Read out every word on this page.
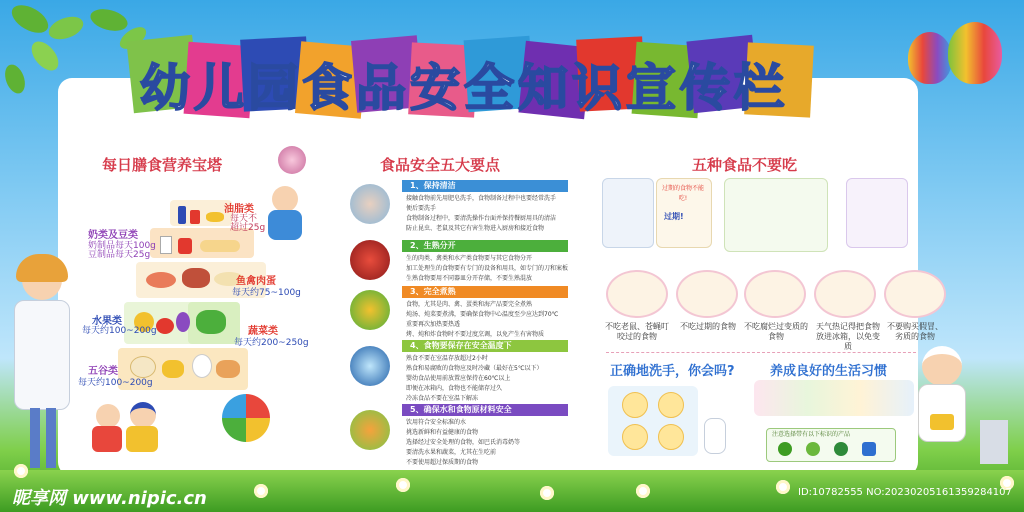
幼儿园食品安全知识宣传栏
每日膳食营养宝塔
油脂类
每天不
超过25g
奶类及豆类
奶制品每天100g
豆制品每天25g
鱼禽肉蛋
每天约75~100g
水果类
每天约100~200g	蔬菜类
每天约200~250g
五谷类
每天约100~200g
食品安全五大要点
1、保持清洁
接触食物前先用肥皂洗手，食物制备过程中也要经常洗手
便后要洗手
食物制备过程中，要清洗操作台面并保持餐厨用具的清洁
防止昆虫、老鼠及其它有害生物进入厨房和接近食物
2、生熟分开
生的肉类、禽类和水产类食物要与其它食物分开
加工处理生的食物要有专门的设备和用具，如专门的刀和案板
生熟食物要用不同器皿分开存储，不要生熟混放
3、完全煮熟
食物，尤其是肉、禽、蛋类和海产品要完全煮熟
炖汤、炖菜要煮沸，要确保食物中心温度至少应达到70℃
重要再次加热要热透
烤、炖和炸食物时不要过度烹调，以免产生有害物质
4、食物要保存在安全温度下
熟食不要在室温存放超过2小时
熟食和易腐败的食物应及时冷藏（最好在5℃以下）
婴幼食品使用前放置应保持在60℃以上
即便在冰箱内，食物也不能储存过久
冷冻食品不要在室温下解冻
5、确保水和食物原材料安全
饮用符合安全标准的水
挑选新鲜和有益健康的食物
选择经过安全处理的食物，如巴氏消毒奶等
要清洗水果和蔬菜，尤其在生吃前
不要使用超过保质期的食物
五种食品不要吃
过期的食物不能吃!
过期!
不吃老鼠、苍蝇叮咬过的食物
不吃过期的食物	不吃腐烂过变质的食物
天气热记得把食物放进冰箱，以免变质
不要购买假冒、劣质的食物
正确地洗手，你会吗?	养成良好的生活习惯
注意选择带有以下标识的产品
昵享网 www.nipic.cn	ID:10782555 NO:20230205161359284107
